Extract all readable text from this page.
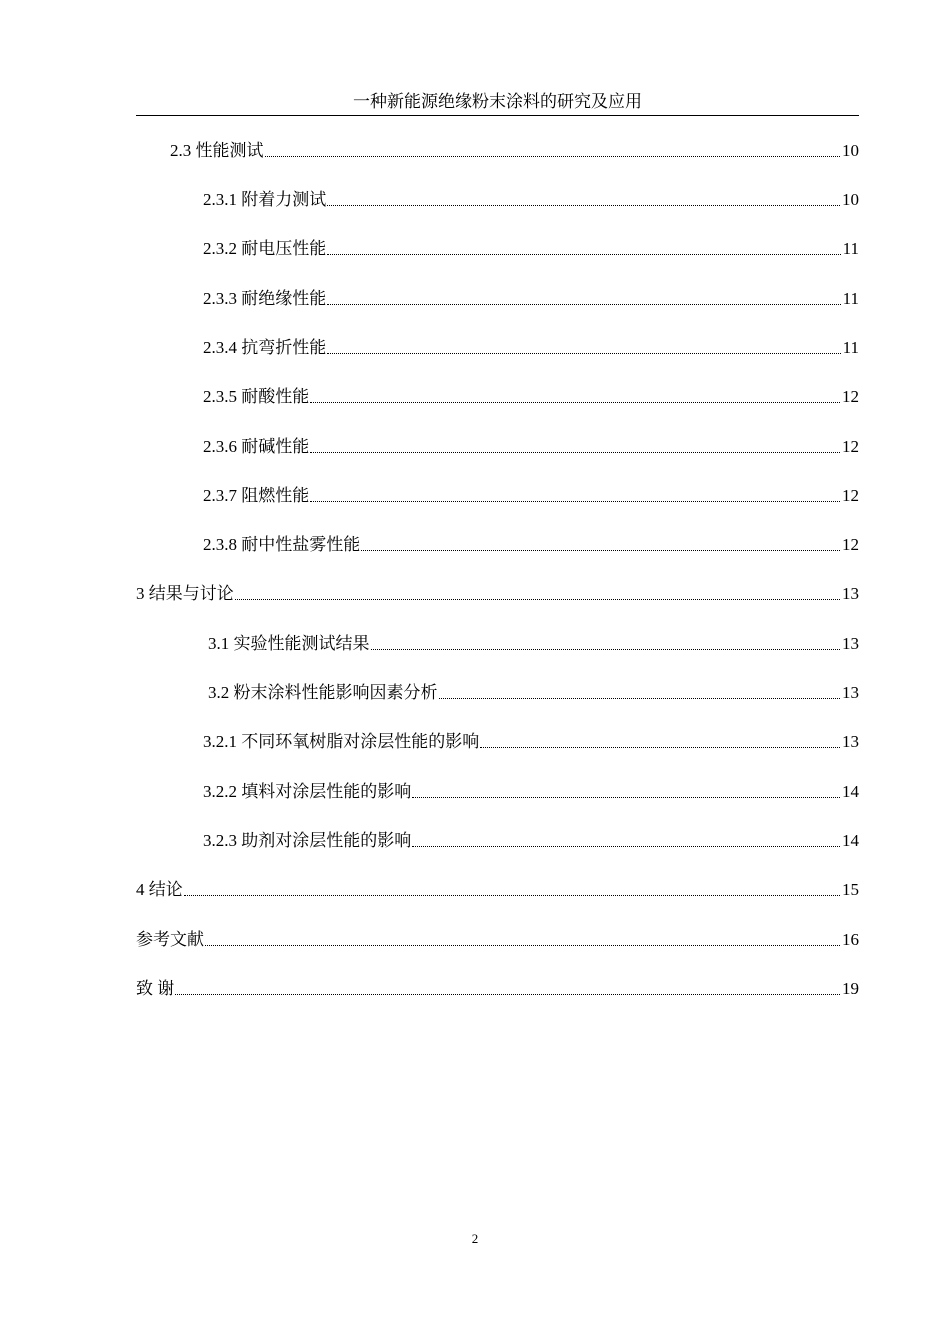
一种新能源绝缘粉末涂料的研究及应用
2.3 性能测试	10
2.3.1 附着力测试	10
2.3.2 耐电压性能	11
2.3.3 耐绝缘性能	11
2.3.4 抗弯折性能	11
2.3.5 耐酸性能	12
2.3.6 耐碱性能	12
2.3.7 阻燃性能	12
2.3.8 耐中性盐雾性能	12
3 结果与讨论	13
3.1 实验性能测试结果	13
3.2 粉末涂料性能影响因素分析	13
3.2.1 不同环氧树脂对涂层性能的影响	13
3.2.2 填料对涂层性能的影响	14
3.2.3 助剂对涂层性能的影响	14
4 结论	15
参考文献	16
致 谢	19
2
